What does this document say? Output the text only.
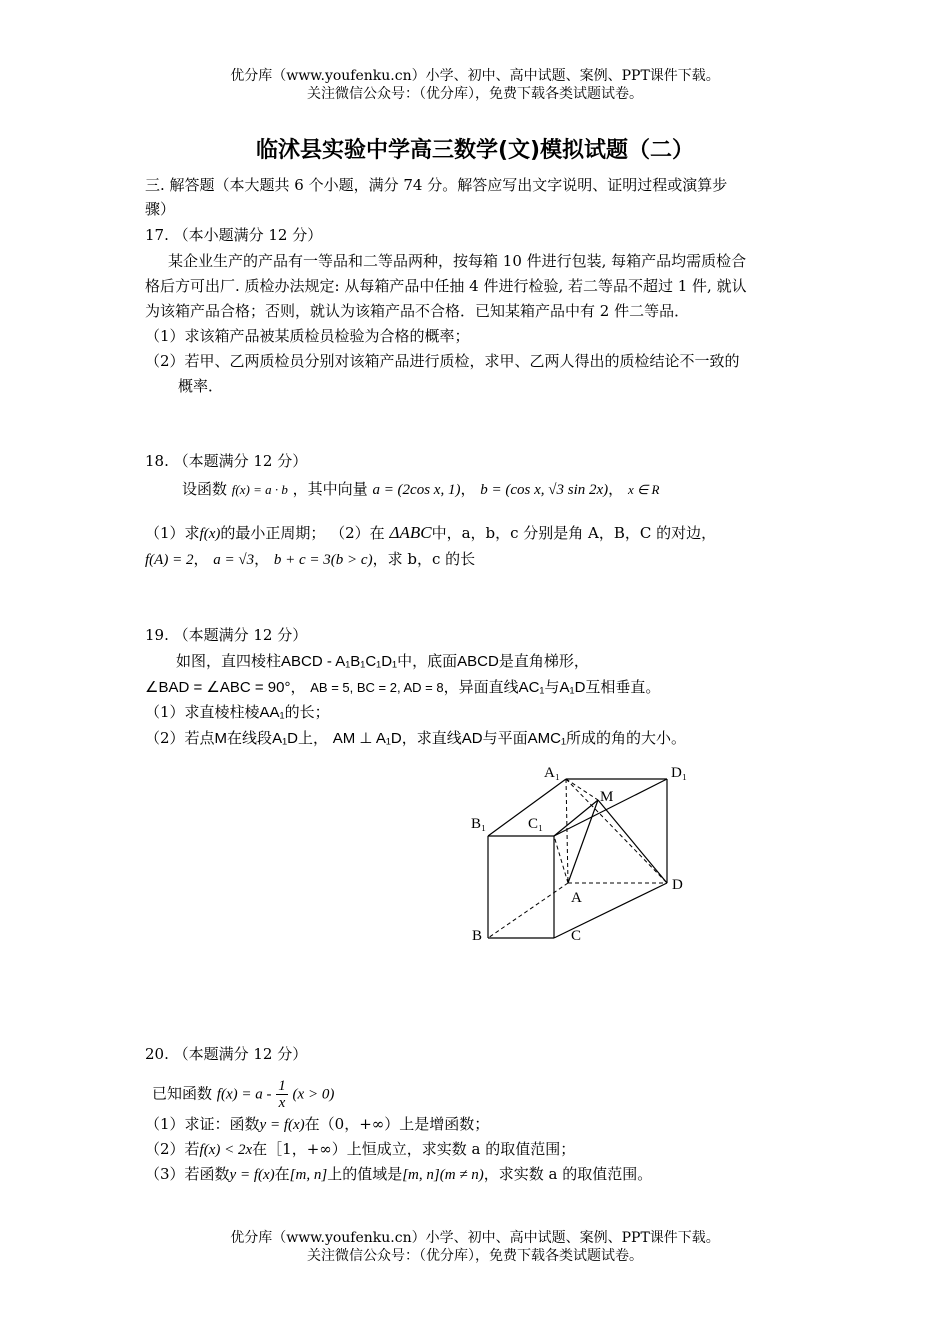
优分库（www.youfenku.cn）小学、初中、高中试题、案例、PPT课件下载。
关注微信公众号：（优分库），免费下载各类试题试卷。
临沭县实验中学高三数学(文)模拟试题（二）
三. 解答题（本大题共 6 个小题，满分 74 分。解答应写出文字说明、证明过程或演算步
骤）
17. （本小题满分 12 分）
某企业生产的产品有一等品和二等品两种，按每箱 10 件进行包装, 每箱产品均需质检合
格后方可出厂. 质检办法规定: 从每箱产品中任抽 4 件进行检验, 若二等品不超过 1 件, 就认
为该箱产品合格；否则，就认为该箱产品不合格．已知某箱产品中有 2 件二等品．
（1）求该箱产品被某质检员检验为合格的概率；
（2）若甲、乙两质检员分别对该箱产品进行质检，求甲、乙两人得出的质检结论不一致的
概率．
18. （本题满分 12 分）
设函数 f(x) = a · b ，其中向量 a = (2cos x, 1)， b = (cos x, √3 sin 2x)， x ∈ R
（1）求f(x)的最小正周期； （2）在 ΔABC中，a，b，c 分别是角 A，B，C 的对边，
f(A) = 2， a = √3， b + c = 3(b > c)，求 b，c 的长
19. （本题满分 12 分）
如图，直四棱柱ABCD - A₁B₁C₁D₁中，底面ABCD是直角梯形，
∠BAD = ∠ABC = 90°， AB = 5, BC = 2, AD = 8，异面直线AC₁与A₁D互相垂直。
（1）求直棱柱棱AA₁的长；
（2）若点M在线段A₁D上， AM ⊥ A₁D，求直线AD与平面AMC₁所成的角的大小。
A₁	D₁
M
B₁	C₁
A
D
B	C
20. （本题满分 12 分）
已知函数 $f(x) = a - \frac{1}{x} (x > 0)$
（1）求证：函数y = f(x)在（0，+∞）上是增函数；
（2）若f(x) < 2x在［1，+∞）上恒成立，求实数 a 的取值范围；
（3）若函数y = f(x)在[m, n]上的值域是[m, n](m ≠ n)，求实数 a 的取值范围。
优分库（www.youfenku.cn）小学、初中、高中试题、案例、PPT课件下载。
关注微信公众号：（优分库），免费下载各类试题试卷。
